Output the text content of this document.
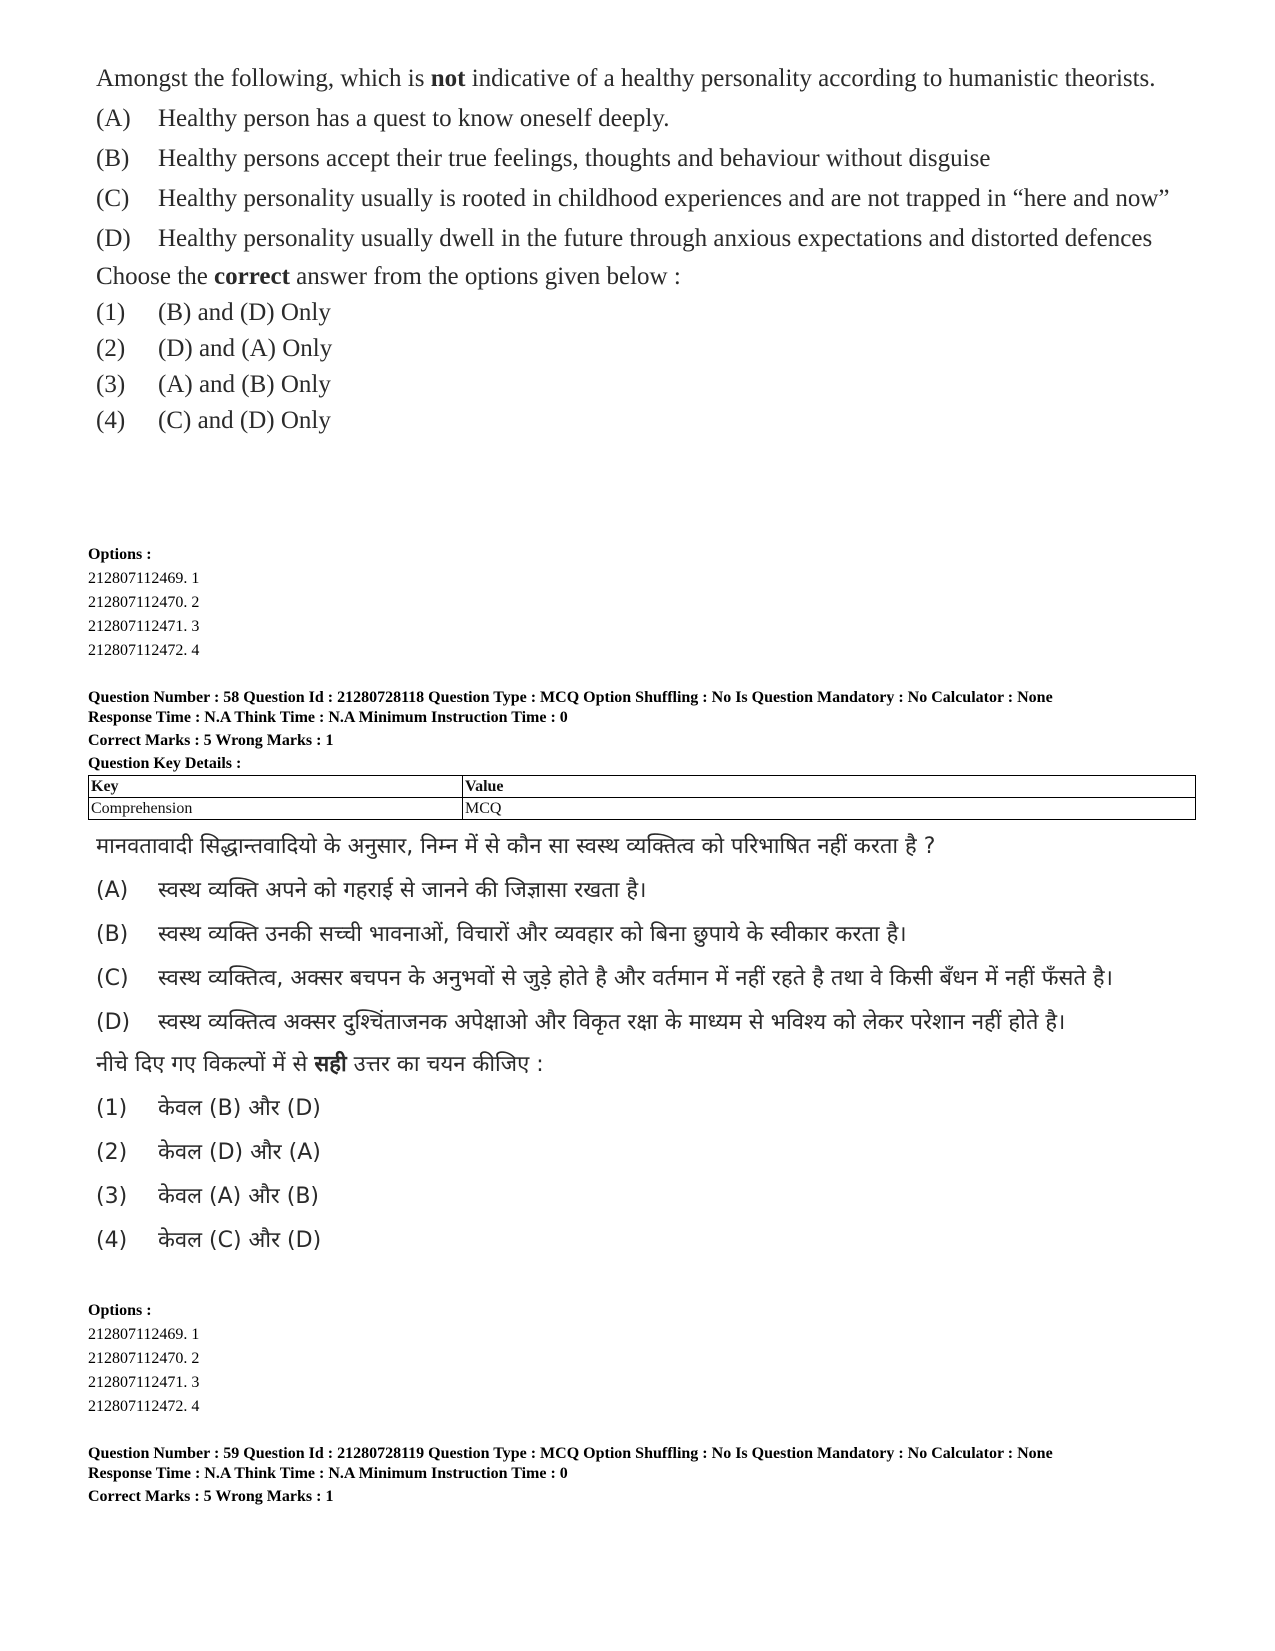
Amongst the following, which is not indicative of a healthy personality according to humanistic theorists.
(A)	Healthy person has a quest to know oneself deeply.
(B)	Healthy persons accept their true feelings, thoughts and behaviour without disguise
(C)	Healthy personality usually is rooted in childhood experiences and are not trapped in “here and now”
(D)	Healthy personality usually dwell in the future through anxious expectations and distorted defences
Choose the correct answer from the options given below :
(1)	(B) and (D) Only
(2)	(D) and (A) Only
(3)	(A) and (B) Only
(4)	(C) and (D) Only
Options :
212807112469. 1
212807112470. 2
212807112471. 3
212807112472. 4
Question Number : 58 Question Id : 21280728118 Question Type : MCQ Option Shuffling : No Is Question Mandatory : No Calculator : None
Response Time : N.A Think Time : N.A Minimum Instruction Time : 0
Correct Marks : 5 Wrong Marks : 1
Question Key Details :
Key	Value
Comprehension	MCQ
मानवतावादी सिद्धान्तवादियो के अनुसार, निम्न में से कौन सा स्वस्थ व्यक्तित्व को परिभाषित नहीं करता है ?
(A)	स्वस्थ व्यक्ति अपने को गहराई से जानने की जिज्ञासा रखता है।
(B)	स्वस्थ व्यक्ति उनकी सच्ची भावनाओं, विचारों और व्यवहार को बिना छुपाये के स्वीकार करता है।
(C)	स्वस्थ व्यक्तित्व, अक्सर बचपन के अनुभवों से जुड़े होते है और वर्तमान में नहीं रहते है तथा वे किसी बँधन में नहीं फँसते है।
(D)	स्वस्थ व्यक्तित्व अक्सर दुश्चिंताजनक अपेक्षाओ और विकृत रक्षा के माध्यम से भविश्य को लेकर परेशान नहीं होते है।
नीचे दिए गए विकल्पों में से सही उत्तर का चयन कीजिए :
(1)	केवल (B) और (D)
(2)	केवल (D) और (A)
(3)	केवल (A) और (B)
(4)	केवल (C) और (D)
Options :
212807112469. 1
212807112470. 2
212807112471. 3
212807112472. 4
Question Number : 59 Question Id : 21280728119 Question Type : MCQ Option Shuffling : No Is Question Mandatory : No Calculator : None
Response Time : N.A Think Time : N.A Minimum Instruction Time : 0
Correct Marks : 5 Wrong Marks : 1
